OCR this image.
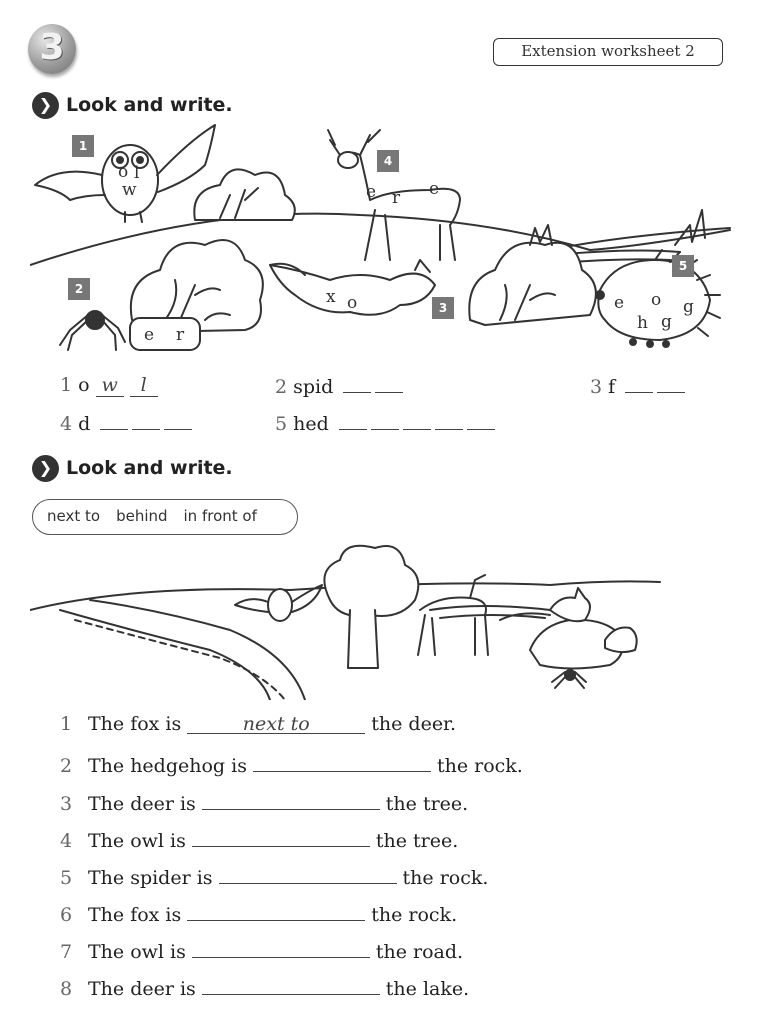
3	Extension worksheet 2
❯ Look and write.
1
2
3
4
5
o l
w
e r
x o
e r e
e o g
h g
1 o w l	2 spid	3 f
4 d	5 hed
❯ Look and write.
next to behind in front of
1 The fox is	next to	the deer.
2 The hedgehog is	the rock.
3 The deer is	the tree.
4 The owl is	the tree.
5 The spider is	the rock.
6 The fox is	the rock.
7 The owl is	the road.
8 The deer is	the lake.
